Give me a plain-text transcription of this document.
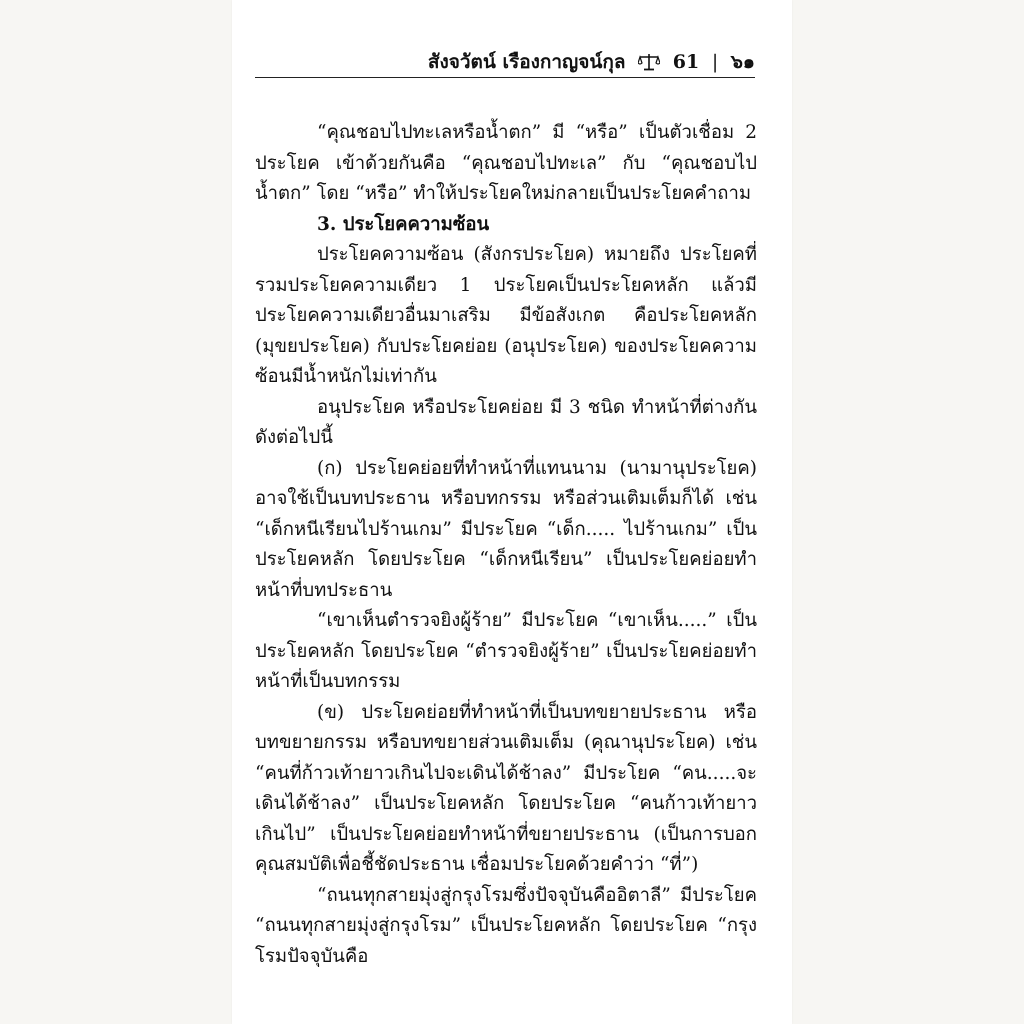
สังจวัตน์ เรืองกาญจน์กุล 61 | ๖๑

“คุณชอบไปทะเลหรือน้ำตก” มี “หรือ” เป็นตัวเชื่อม 2 ประโยค เข้าด้วยกันคือ “คุณชอบไปทะเล” กับ “คุณชอบไปน้ำตก” โดย “หรือ” ทำให้ประโยคใหม่กลายเป็นประโยคคำถาม

3. ประโยคความซ้อน

ประโยคความซ้อน (สังกรประโยค) หมายถึง ประโยคที่รวมประโยคความเดียว 1 ประโยคเป็นประโยคหลัก แล้วมีประโยคความเดียวอื่นมาเสริม มีข้อสังเกต คือประโยคหลัก (มุขยประโยค) กับประโยคย่อย (อนุประโยค) ของประโยคความซ้อนมีน้ำหนักไม่เท่ากัน

อนุประโยค หรือประโยคย่อย มี 3 ชนิด ทำหน้าที่ต่างกันดังต่อไปนี้

(ก) ประโยคย่อยที่ทำหน้าที่แทนนาม (นามานุประโยค) อาจใช้เป็นบทประธาน หรือบทกรรม หรือส่วนเติมเต็มก็ได้ เช่น “เด็กหนีเรียนไปร้านเกม” มีประโยค “เด็ก..... ไปร้านเกม” เป็นประโยคหลัก โดยประโยค “เด็กหนีเรียน” เป็นประโยคย่อยทำหน้าที่บทประธาน

“เขาเห็นตำรวจยิงผู้ร้าย” มีประโยค “เขาเห็น.....” เป็นประโยคหลัก โดยประโยค “ตำรวจยิงผู้ร้าย” เป็นประโยคย่อยทำหน้าที่เป็นบทกรรม

(ข) ประโยคย่อยที่ทำหน้าที่เป็นบทขยายประธาน หรือบทขยายกรรม หรือบทขยายส่วนเติมเต็ม (คุณานุประโยค) เช่น “คนที่ก้าวเท้ายาวเกินไปจะเดินได้ช้าลง” มีประโยค “คน.....จะเดินได้ช้าลง” เป็นประโยคหลัก โดยประโยค “คนก้าวเท้ายาวเกินไป” เป็นประโยคย่อยทำหน้าที่ขยายประธาน (เป็นการบอกคุณสมบัติเพื่อชี้ชัดประธาน เชื่อมประโยคด้วยคำว่า “ที่”)

“ถนนทุกสายมุ่งสู่กรุงโรมซึ่งปัจจุบันคืออิตาลี” มีประโยค “ถนนทุกสายมุ่งสู่กรุงโรม” เป็นประโยคหลัก โดยประโยค “กรุงโรมปัจจุบันคือ
